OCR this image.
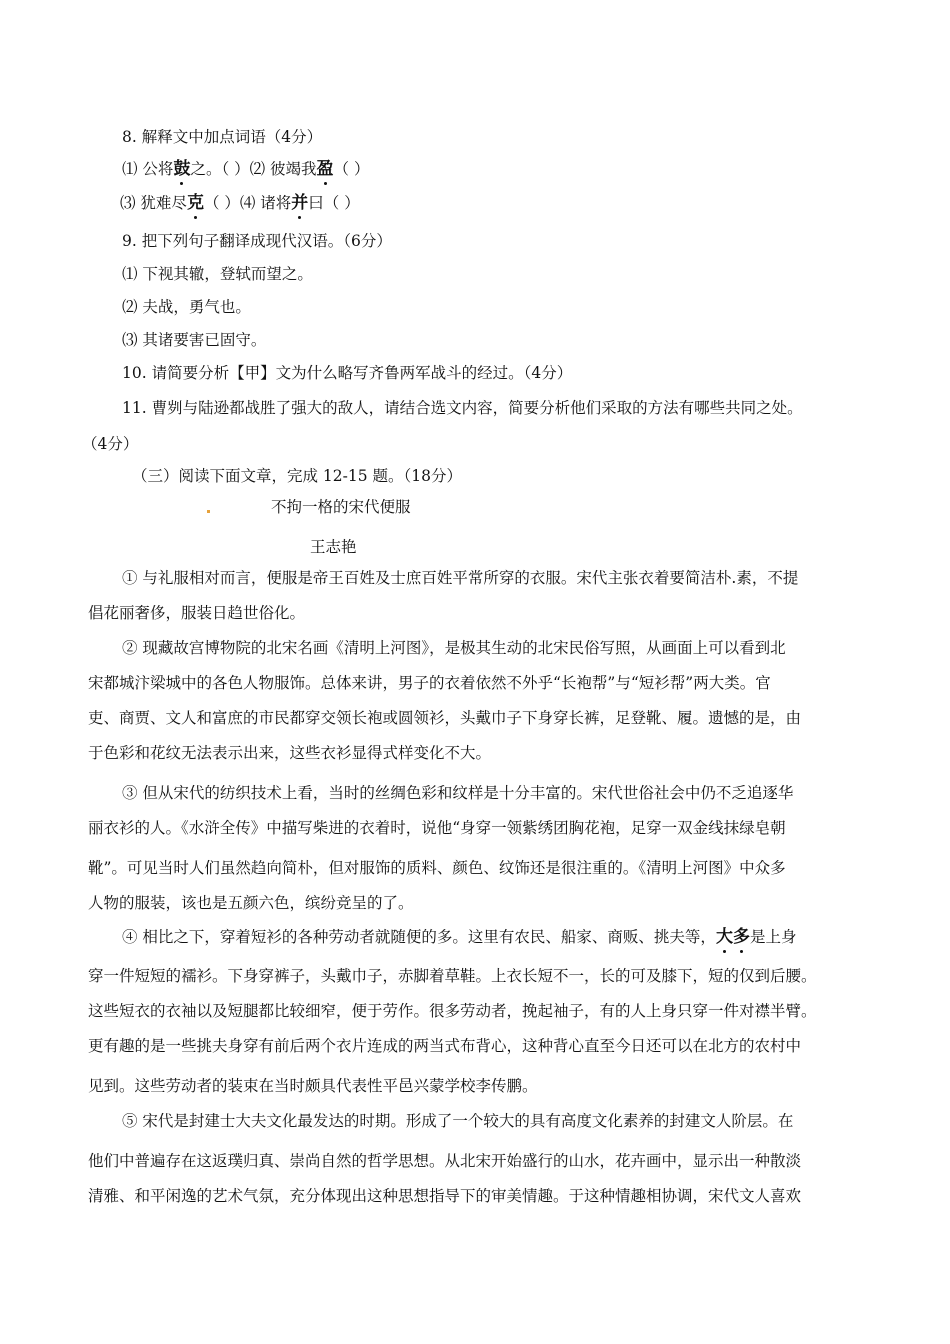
8. 解释文中加点词语（4分）
⑴ 公将鼓之。（ ）⑵ 彼竭我盈（ ）
⑶ 犹难尽克（ ）⑷ 诸将并曰（ ）
9. 把下列句子翻译成现代汉语。（6分）
⑴ 下视其辙，登轼而望之。
⑵ 夫战，勇气也。
⑶ 其诸要害已固守。
10. 请简要分析【甲】文为什么略写齐鲁两军战斗的经过。（4分）
11. 曹刿与陆逊都战胜了强大的敌人，请结合选文内容，简要分析他们采取的方法有哪些共同之处。
（4分）
（三）阅读下面文章，完成 12-15 题。（18分）
不拘一格的宋代便服
王志艳
① 与礼服相对而言，便服是帝王百姓及士庶百姓平常所穿的衣服。宋代主张衣着要简洁朴.素，不提
倡花丽奢侈，服装日趋世俗化。
② 现藏故宫博物院的北宋名画《清明上河图》，是极其生动的北宋民俗写照，从画面上可以看到北
宋都城汴梁城中的各色人物服饰。总体来讲，男子的衣着依然不外乎“长袍帮”与“短衫帮”两大类。官
吏、商贾、文人和富庶的市民都穿交领长袍或圆领衫，头戴巾子下身穿长裤，足登靴、履。遗憾的是，由
于色彩和花纹无法表示出来，这些衣衫显得式样变化不大。
③ 但从宋代的纺织技术上看，当时的丝绸色彩和纹样是十分丰富的。宋代世俗社会中仍不乏追逐华
丽衣衫的人。《水浒全传》中描写柴进的衣着时，说他“身穿一领紫绣团胸花袍，足穿一双金线抹绿皂朝
靴”。可见当时人们虽然趋向简朴，但对服饰的质料、颜色、纹饰还是很注重的。《清明上河图》中众多
人物的服装，该也是五颜六色，缤纷竞呈的了。
④ 相比之下，穿着短衫的各种劳动者就随便的多。这里有农民、船家、商贩、挑夫等，大多是上身
穿一件短短的襦衫。下身穿裤子，头戴巾子，赤脚着草鞋。上衣长短不一，长的可及膝下，短的仅到后腰。
这些短衣的衣袖以及短腿都比较细窄，便于劳作。很多劳动者，挽起袖子，有的人上身只穿一件对襟半臂。
更有趣的是一些挑夫身穿有前后两个衣片连成的两当式布背心，这种背心直至今日还可以在北方的农村中
见到。这些劳动者的装束在当时颇具代表性平邑兴蒙学校李传鹏。
⑤ 宋代是封建士大夫文化最发达的时期。形成了一个较大的具有高度文化素养的封建文人阶层。在
他们中普遍存在这返璞归真、崇尚自然的哲学思想。从北宋开始盛行的山水，花卉画中，显示出一种散淡
清雅、和平闲逸的艺术气氛，充分体现出这种思想指导下的审美情趣。于这种情趣相协调，宋代文人喜欢
